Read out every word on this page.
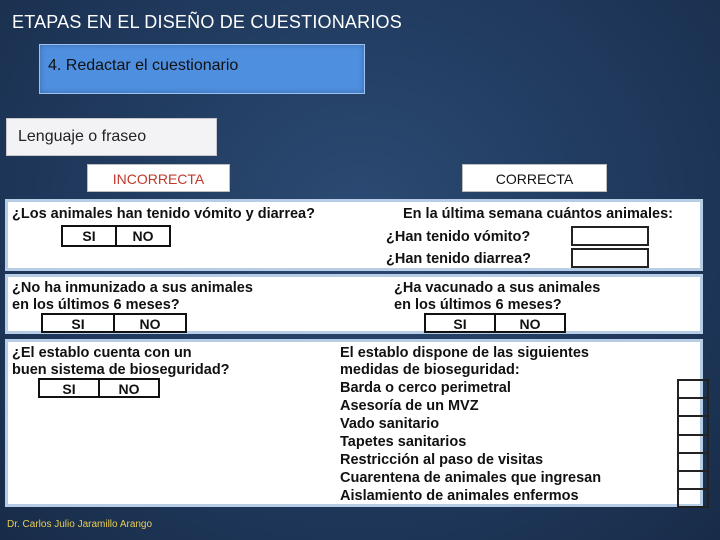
ETAPAS EN EL DISEÑO DE CUESTIONARIOS
4. Redactar el cuestionario
Lenguaje o fraseo
INCORRECTA	CORRECTA
¿Los animales han tenido vómito y diarrea?
SI	NO
En la última semana cuántos animales:
¿Han tenido vómito?
¿Han tenido diarrea?
¿No ha inmunizado a sus animales
en los últimos 6 meses?
SI	NO
¿Ha vacunado a sus animales
en los últimos 6 meses?
SI	NO
¿El establo cuenta con un
buen sistema de bioseguridad?
SI	NO
El establo dispone de las siguientes
medidas de bioseguridad:
Barda o cerco perimetral
Asesoría de un MVZ
Vado sanitario
Tapetes sanitarios
Restricción al paso de visitas
Cuarentena de animales que ingresan
Aislamiento de animales enfermos
Dr. Carlos Julio Jaramillo Arango
